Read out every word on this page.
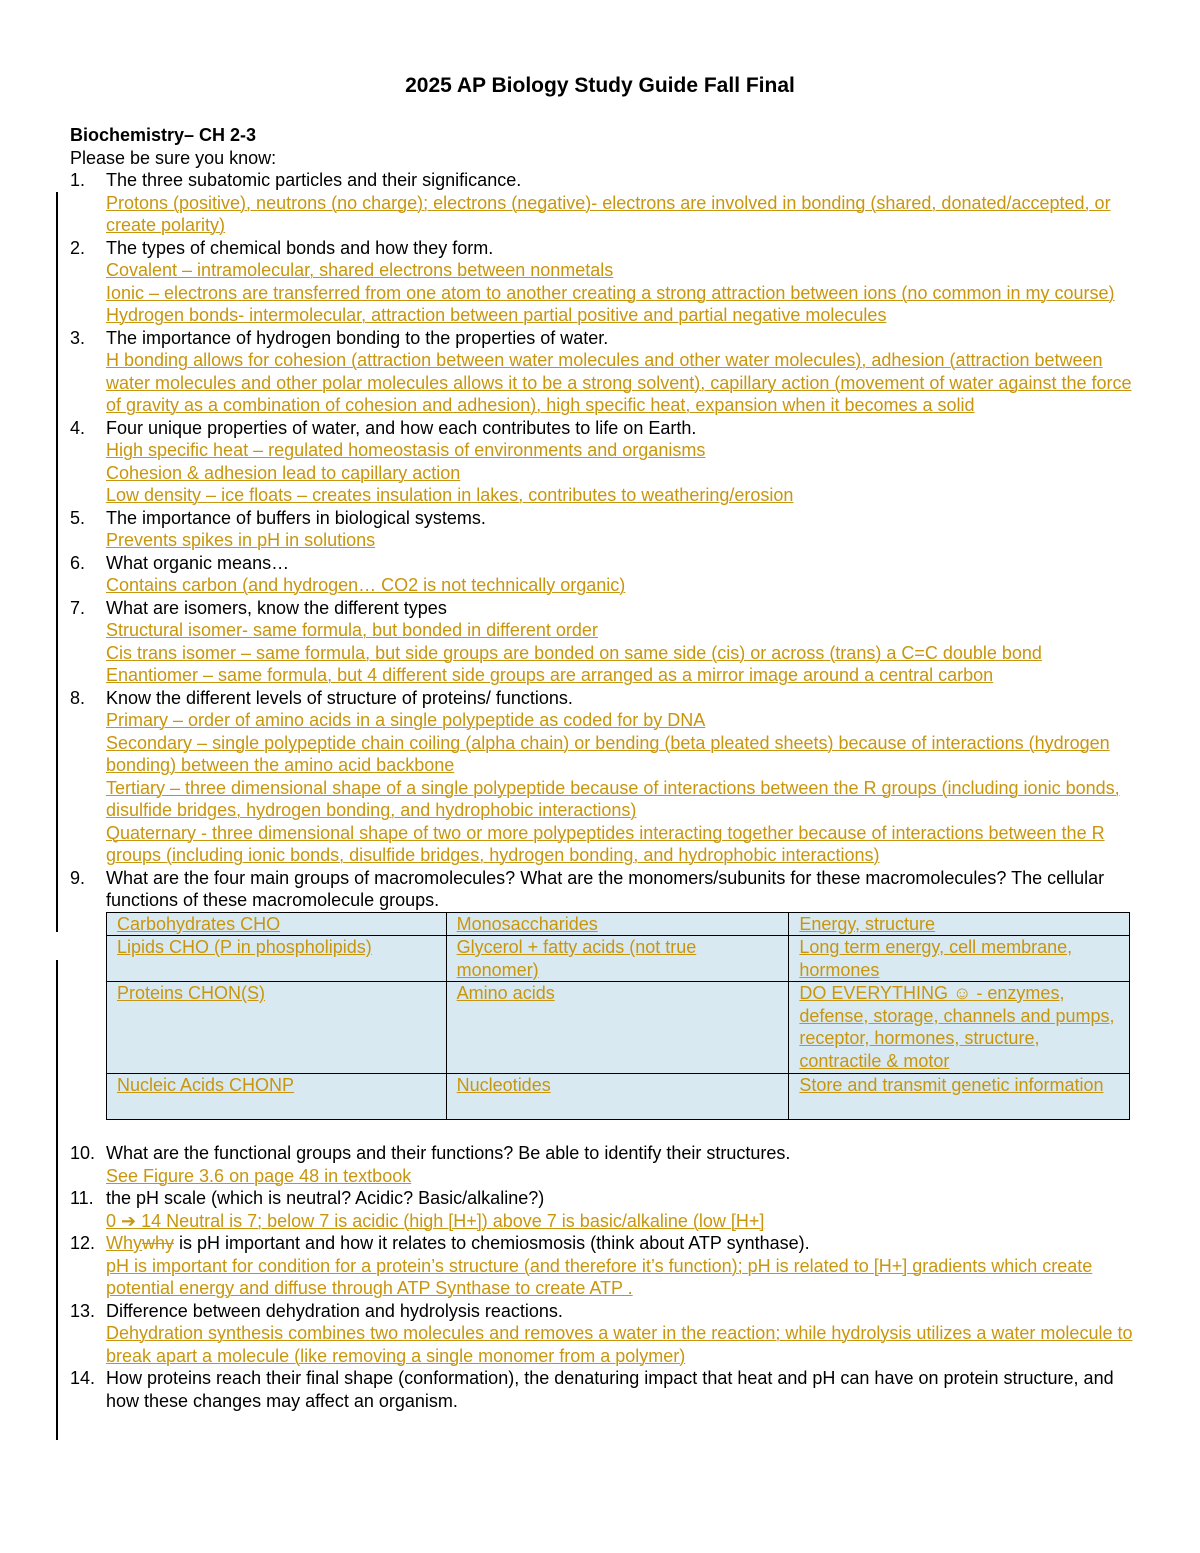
2025 AP Biology Study Guide Fall Final
Biochemistry– CH 2-3
Please be sure you know:
1.	The three subatomic particles and their significance.
Protons (positive), neutrons (no charge); electrons (negative)- electrons are involved in bonding (shared, donated/accepted, or create polarity)
2.	The types of chemical bonds and how they form.
Covalent – intramolecular, shared electrons between nonmetals
Ionic – electrons are transferred from one atom to another creating a strong attraction between ions (no common in my course)
Hydrogen bonds- intermolecular, attraction between partial positive and partial negative molecules
3.	The importance of hydrogen bonding to the properties of water.
H bonding allows for cohesion (attraction between water molecules and other water molecules), adhesion (attraction between water molecules and other polar molecules allows it to be a strong solvent), capillary action (movement of water against the force of gravity as a combination of cohesion and adhesion), high specific heat, expansion when it becomes a solid
4.	Four unique properties of water, and how each contributes to life on Earth.
High specific heat – regulated homeostasis of environments and organisms
Cohesion & adhesion lead to capillary action
Low density – ice floats – creates insulation in lakes, contributes to weathering/erosion
5.	The importance of buffers in biological systems.
Prevents spikes in pH in solutions
6.	What organic means…
Contains carbon (and hydrogen… CO2 is not technically organic)
7.	What are isomers, know the different types
Structural isomer- same formula, but bonded in different order
Cis trans isomer – same formula, but side groups are bonded on same side (cis) or across (trans) a C=C double bond
Enantiomer – same formula, but 4 different side groups are arranged as a mirror image around a central carbon
8.	Know the different levels of structure of proteins/ functions.
Primary – order of amino acids in a single polypeptide as coded for by DNA
Secondary – single polypeptide chain coiling (alpha chain) or bending (beta pleated sheets) because of interactions (hydrogen bonding) between the amino acid backbone
Tertiary – three dimensional shape of a single polypeptide because of interactions between the R groups (including ionic bonds, disulfide bridges, hydrogen bonding, and hydrophobic interactions)
Quaternary - three dimensional shape of two or more polypeptides interacting together because of interactions between the R groups (including ionic bonds, disulfide bridges, hydrogen bonding, and hydrophobic interactions)
9.	What are the four main groups of macromolecules? What are the monomers/subunits for these macromolecules? The cellular functions of these macromolecule groups.
Carbohydrates CHO	Monosaccharides	Energy, structure
Lipids CHO (P in phospholipids)	Glycerol + fatty acids (not true monomer)	Long term energy, cell membrane, hormones
Proteins CHON(S)	Amino acids	DO EVERYTHING ☺ - enzymes, defense, storage, channels and pumps, receptor, hormones, structure, contractile & motor
Nucleic Acids CHONP	Nucleotides	Store and transmit genetic information
10. What are the functional groups and their functions? Be able to identify their structures.
See Figure 3.6 on page 48 in textbook
11. the pH scale (which is neutral? Acidic? Basic/alkaline?)
0 ➔ 14 Neutral is 7; below 7 is acidic (high [H+]) above 7 is basic/alkaline (low [H+]
12. Whywhy is pH important and how it relates to chemiosmosis (think about ATP synthase).
pH is important for condition for a protein’s structure (and therefore it’s function); pH is related to [H+] gradients which create potential energy and diffuse through ATP Synthase to create ATP .
13. Difference between dehydration and hydrolysis reactions.
Dehydration synthesis combines two molecules and removes a water in the reaction; while hydrolysis utilizes a water molecule to break apart a molecule (like removing a single monomer from a polymer)
14. How proteins reach their final shape (conformation), the denaturing impact that heat and pH can have on protein structure, and how these changes may affect an organism.
